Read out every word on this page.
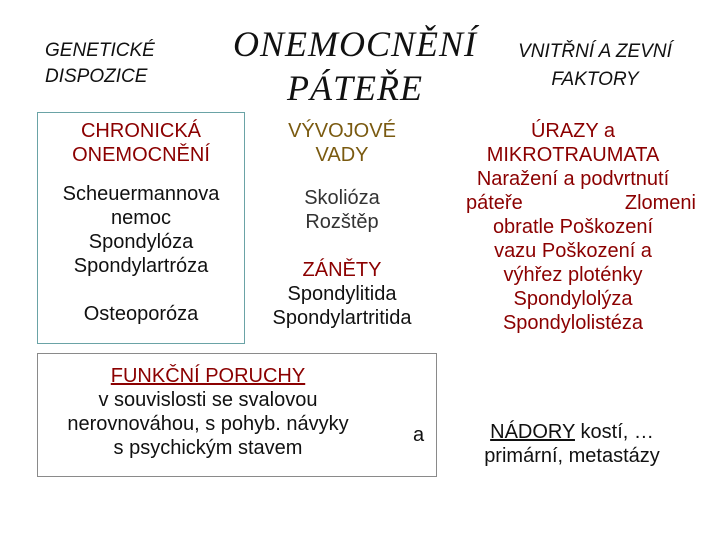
GENETICKÉ
DISPOZICE
ONEMOCNĚNÍ
PÁTEŘE
VNITŘNÍ A ZEVNÍ
FAKTORY
CHRONICKÁ
ONEMOCNĚNÍ
Scheuermannova
nemoc
Spondylóza
Spondylartróza
Osteoporóza
VÝVOJOVÉ
VADY
Skolióza
Rozštěp
ZÁNĚTY
Spondylitida
Spondylartritida
FUNKČNÍ PORUCHY
v souvislosti se svalovou
nerovnováhou, s pohyb. návyky
s psychickým stavem
a
ÚRAZY a
MIKROTRAUMATA
Naražení a podvrtnutí
páteře	Zlomeni
obratle Poškození
vazu Poškození a
výhřez ploténky
Spondylolýza
Spondylolistéza
NÁDORY kostí, …
primární, metastázy
